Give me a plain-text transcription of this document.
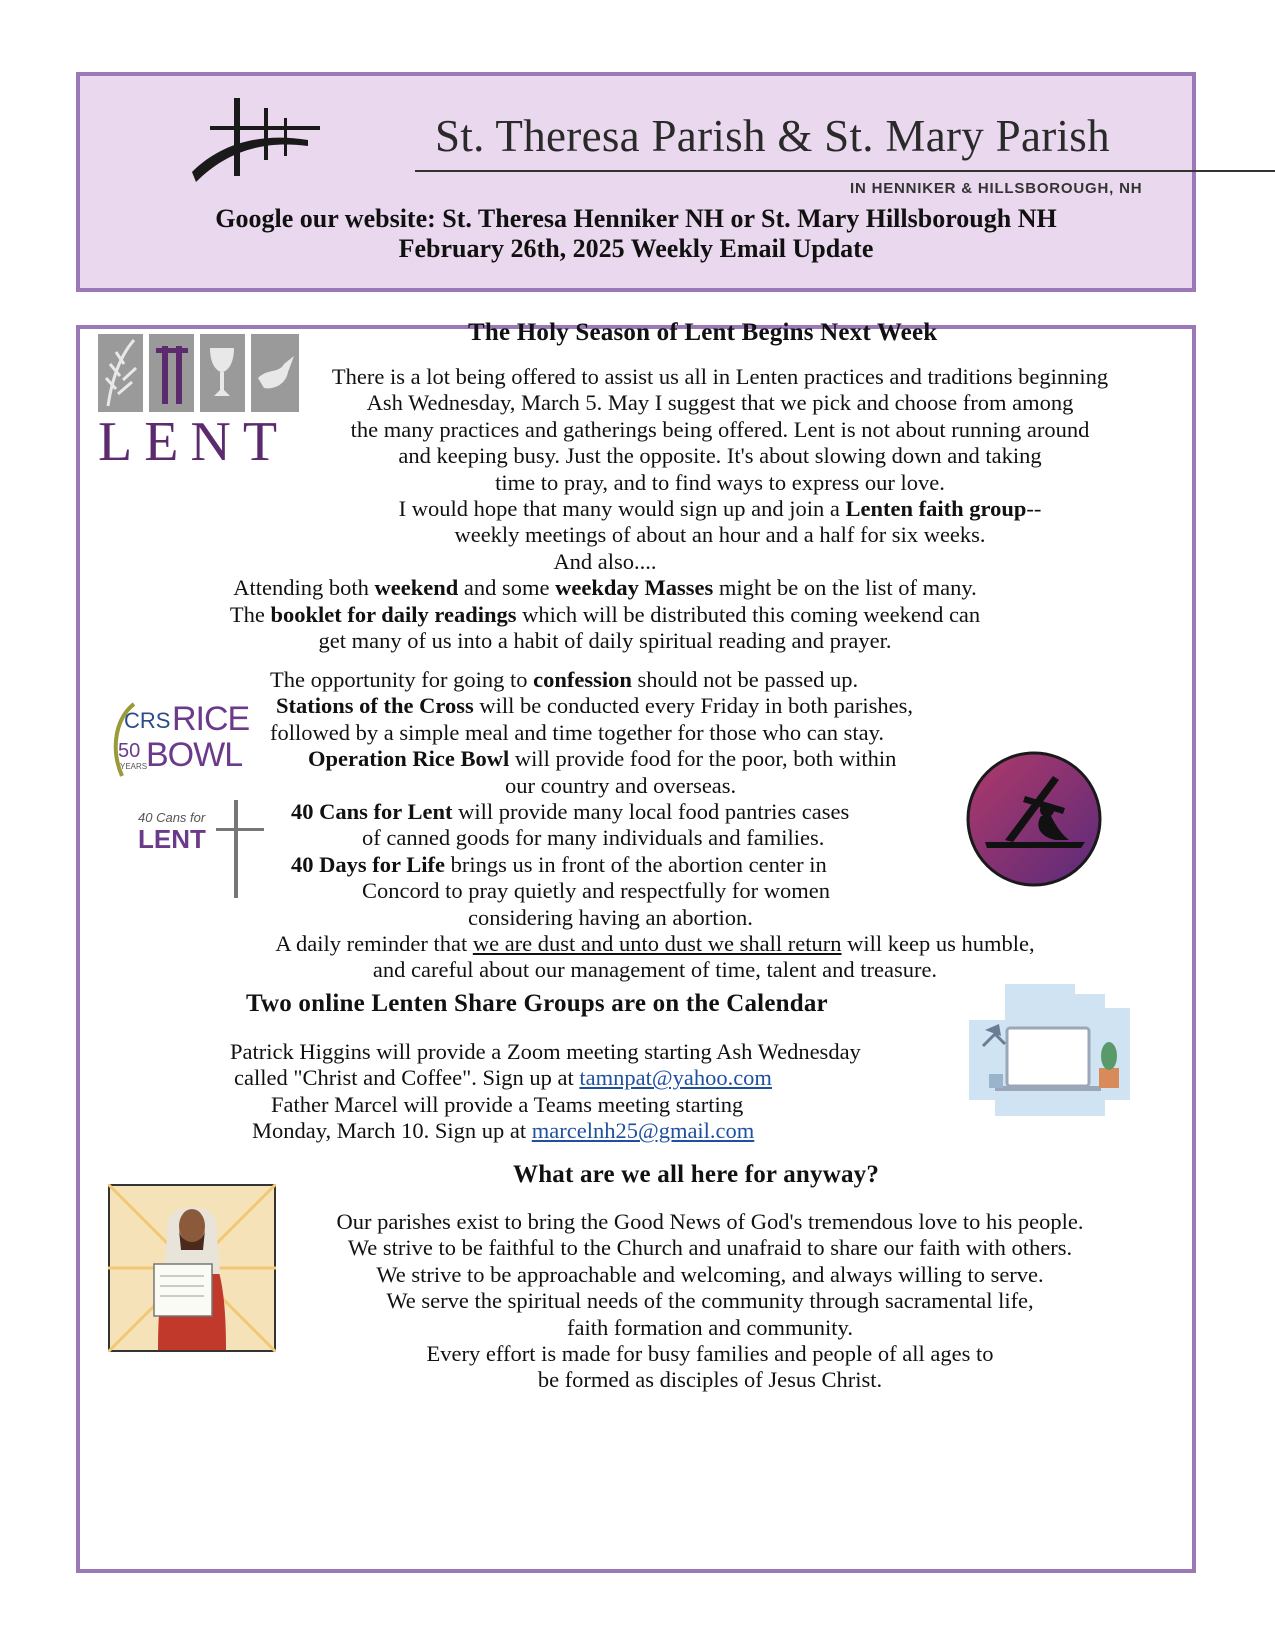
St. Theresa Parish & St. Mary Parish
IN HENNIKER & HILLSBOROUGH, NH
Google our website: St. Theresa Henniker NH or St. Mary Hillsborough NH
February 26th, 2025 Weekly Email Update
LENT
The Holy Season of Lent Begins Next Week
There is a lot being offered to assist us all in Lenten practices and traditions beginning
Ash Wednesday, March 5. May I suggest that we pick and choose from among
the many practices and gatherings being offered. Lent is not about running around
and keeping busy. Just the opposite. It's about slowing down and taking
time to pray, and to find ways to express our love.
I would hope that many would sign up and join a Lenten faith group--
weekly meetings of about an hour and a half for six weeks.
And also....
Attending both weekend and some weekday Masses might be on the list of many.
The booklet for daily readings which will be distributed this coming weekend can
get many of us into a habit of daily spiritual reading and prayer.
CRS RICE
50
YEARS
BOWL
40 Cans for
LENT
The opportunity for going to confession should not be passed up.
Stations of the Cross will be conducted every Friday in both parishes,
followed by a simple meal and time together for those who can stay.
Operation Rice Bowl will provide food for the poor, both within
our country and overseas.
40 Cans for Lent will provide many local food pantries cases
of canned goods for many individuals and families.
40 Days for Life brings us in front of the abortion center in
Concord to pray quietly and respectfully for women
considering having an abortion.
A daily reminder that we are dust and unto dust we shall return will keep us humble,
and careful about our management of time, talent and treasure.
Two online Lenten Share Groups are on the Calendar
Patrick Higgins will provide a Zoom meeting starting Ash Wednesday
called "Christ and Coffee". Sign up at tamnpat@yahoo.com
Father Marcel will provide a Teams meeting starting
Monday, March 10. Sign up at marcelnh25@gmail.com
What are we all here for anyway?
Our parishes exist to bring the Good News of God's tremendous love to his people.
We strive to be faithful to the Church and unafraid to share our faith with others.
We strive to be approachable and welcoming, and always willing to serve.
We serve the spiritual needs of the community through sacramental life,
faith formation and community.
Every effort is made for busy families and people of all ages to
be formed as disciples of Jesus Christ.
